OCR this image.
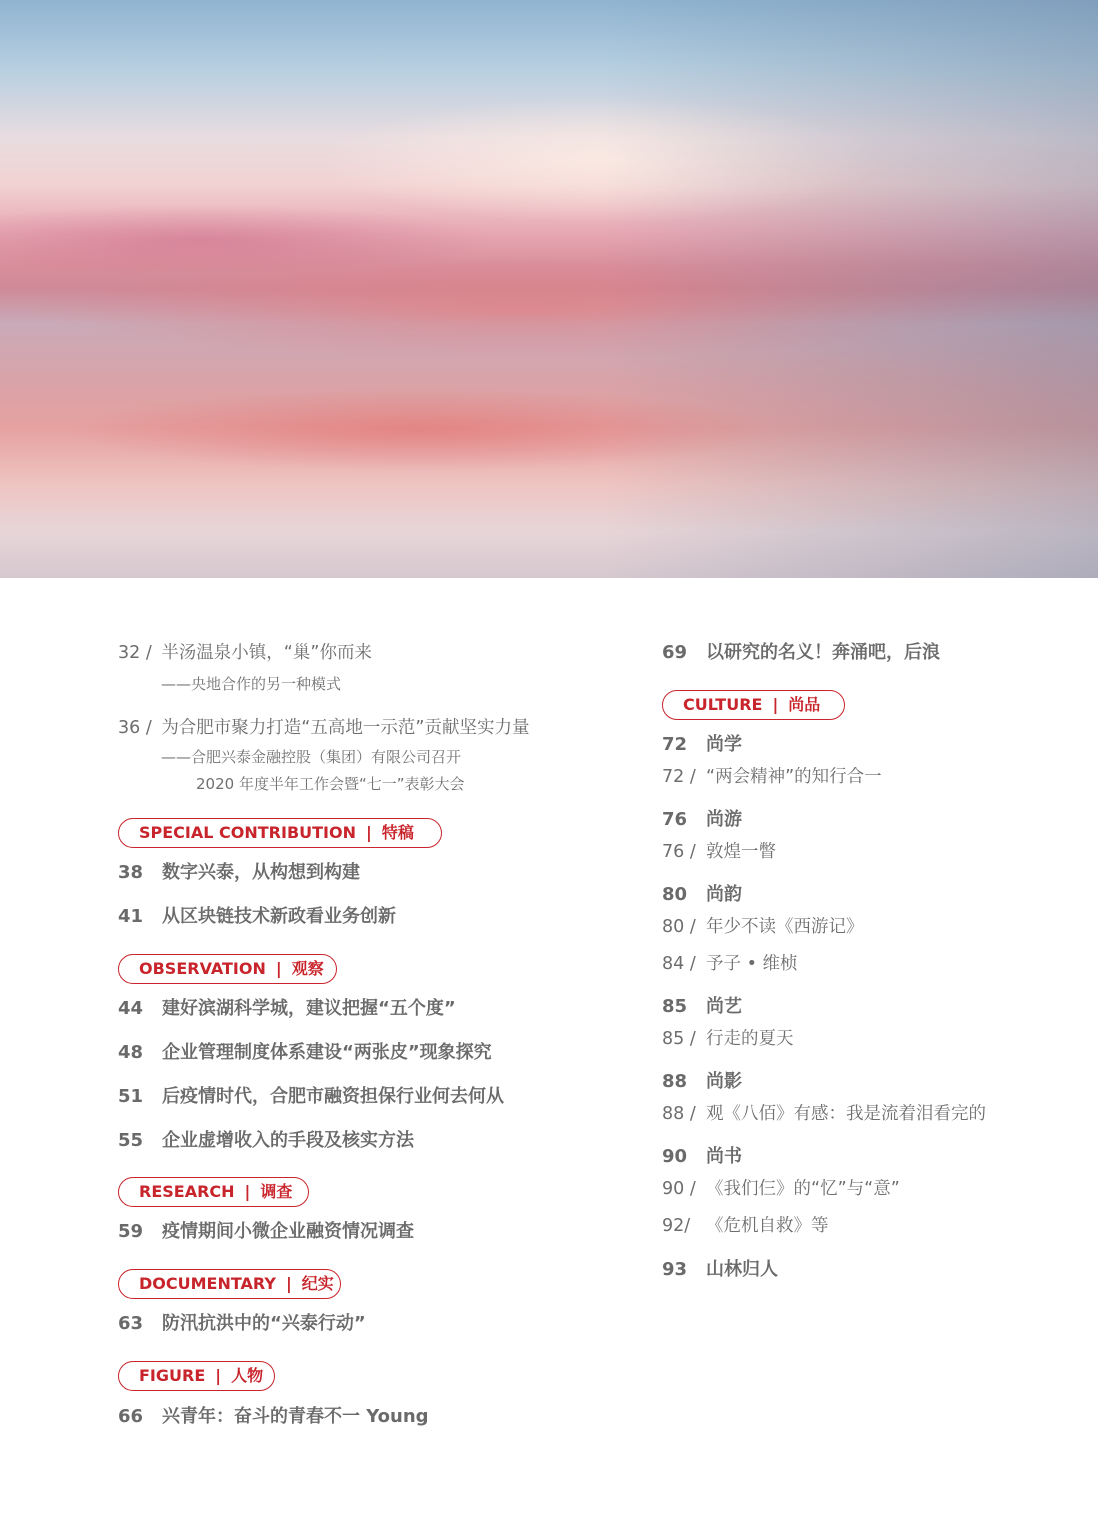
32 / 半汤温泉小镇，“巢”你而来
——央地合作的另一种模式
36 / 为合肥市聚力打造“五高地一示范”贡献坚实力量
——合肥兴泰金融控股（集团）有限公司召开
2020 年度半年工作会暨“七一”表彰大会
SPECIAL CONTRIBUTION | 特稿
38 数字兴泰，从构想到构建
41 从区块链技术新政看业务创新
OBSERVATION | 观察
44 建好滨湖科学城，建议把握“五个度”
48 企业管理制度体系建设“两张皮”现象探究
51 后疫情时代，合肥市融资担保行业何去何从
55 企业虚增收入的手段及核实方法
RESEARCH | 调查
59 疫情期间小微企业融资情况调查
DOCUMENTARY | 纪实
63 防汛抗洪中的“兴泰行动”
FIGURE | 人物
66 兴青年：奋斗的青春不一 Young
69 以研究的名义！奔涌吧，后浪
CULTURE | 尚品
72 尚学
72 / “两会精神”的知行合一
76 尚游
76 / 敦煌一瞥
80 尚韵
80 / 年少不读《西游记》
84 / 予子 • 维桢
85 尚艺
85 / 行走的夏天
88 尚影
88 / 观《八佰》有感：我是流着泪看完的
90 尚书
90 / 《我们仨》的“忆”与“意”
92/ 《危机自救》等
93 山林归人
